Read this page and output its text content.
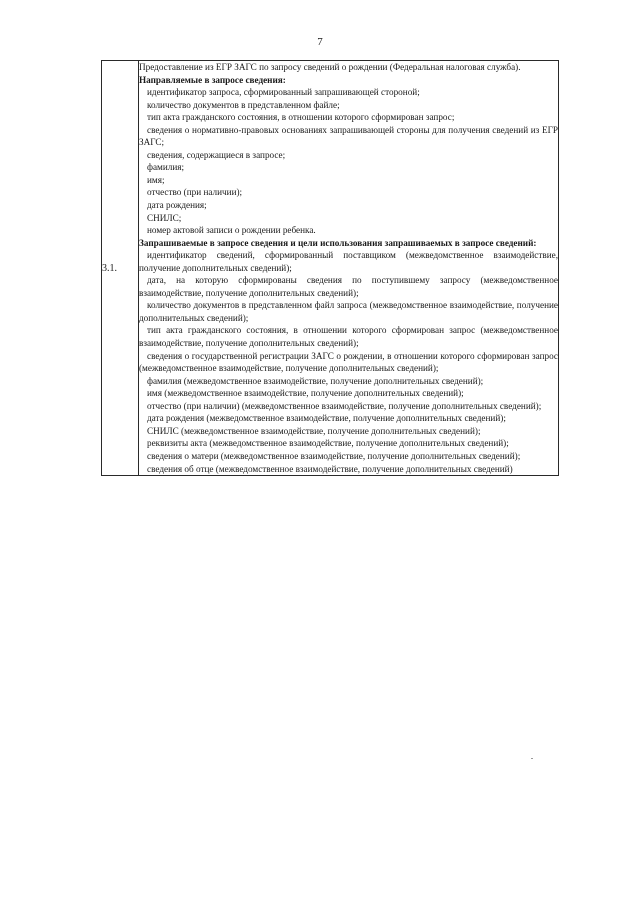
7
3.1.	

Предоставление из ЕГР ЗАГС по запросу сведений о рождении (Федеральная налоговая служба).

Направляемые в запросе сведения:

идентификатор запроса, сформированный запрашивающей стороной;

количество документов в представленном файле;

тип акта гражданского состояния, в отношении которого сформирован запрос;

сведения о нормативно-правовых основаниях запрашивающей стороны для получения сведений из ЕГР ЗАГС;

сведения, содержащиеся в запросе;

фамилия;

имя;

отчество (при наличии);

дата рождения;

СНИЛС;

номер актовой записи о рождении ребенка.

Запрашиваемые в запросе сведения и цели использования запрашиваемых в запросе сведений:

идентификатор сведений, сформированный поставщиком (межведомственное взаимодействие, получение дополнительных сведений);

дата, на которую сформированы сведения по поступившему запросу (межведомственное взаимодействие, получение дополнительных сведений);

количество документов в представленном файл запроса (межведомственное взаимодействие, получение дополнительных сведений);

тип акта гражданского состояния, в отношении которого сформирован запрос (межведомственное взаимодействие, получение дополнительных сведений);

сведения о государственной регистрации ЗАГС о рождении, в отношении которого сформирован запрос (межведомственное взаимодействие, получение дополнительных сведений);

фамилия (межведомственное взаимодействие, получение дополнительных сведений);

имя (межведомственное взаимодействие, получение дополнительных сведений);

отчество (при наличии) (межведомственное взаимодействие, получение дополнительных сведений);

дата рождения (межведомственное взаимодействие, получение дополнительных сведений);

СНИЛС (межведомственное взаимодействие, получение дополнительных сведений);

реквизиты акта (межведомственное взаимодействие, получение дополнительных сведений);

сведения о матери (межведомственное взаимодействие, получение дополнительных сведений);

сведения об отце (межведомственное взаимодействие, получение дополнительных сведений)
